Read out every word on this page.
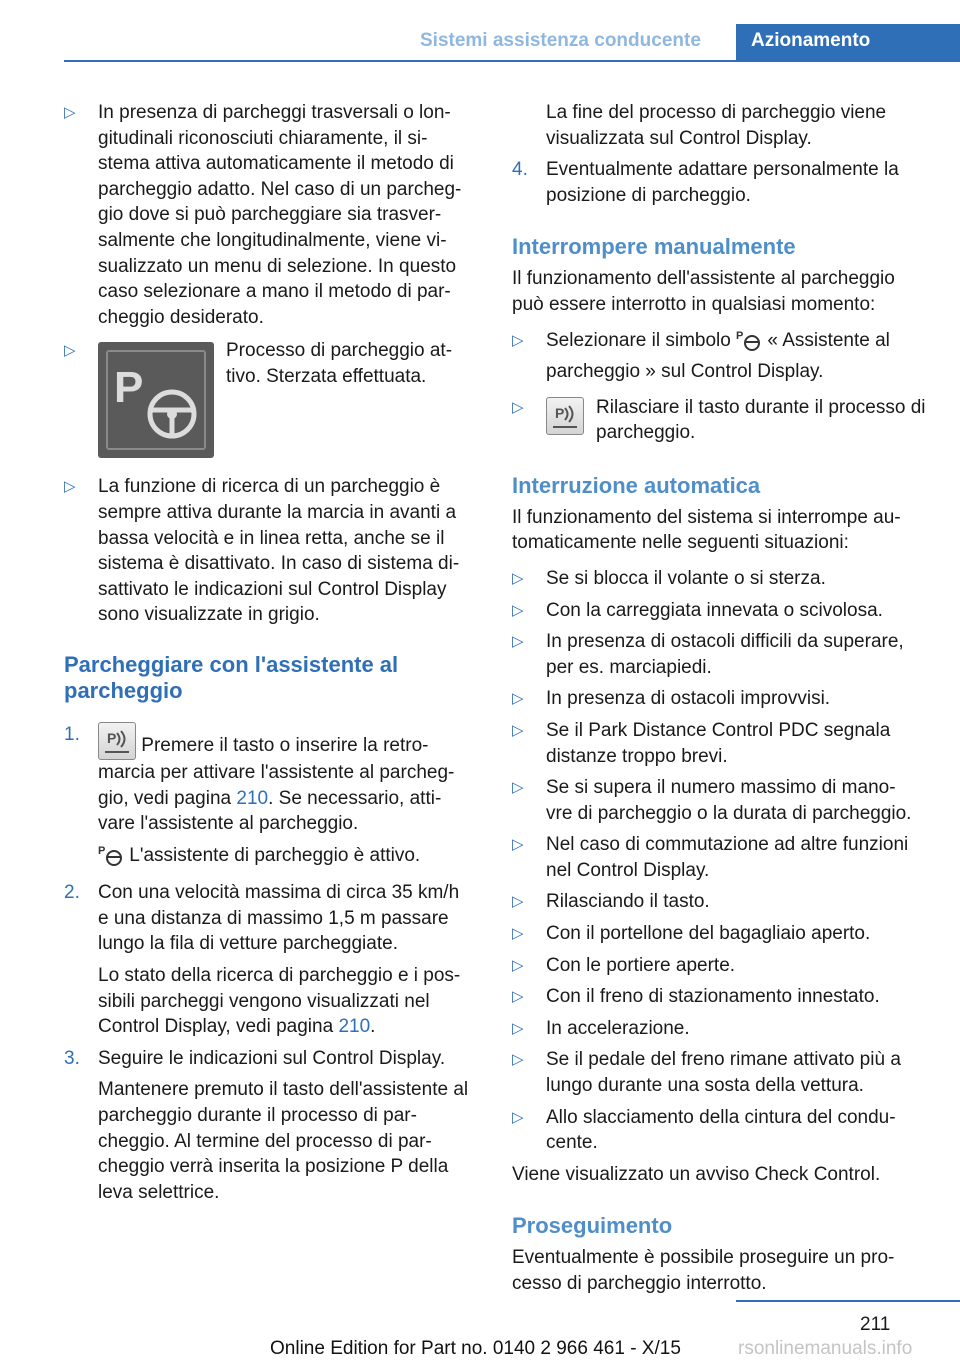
Sistemi assistenza conducente	Azionamento
▷ In presenza di parcheggi trasversali o lon‐ gitudinali riconosciuti chiaramente, il si‐ stema attiva automaticamente il metodo di parcheggio adatto. Nel caso di un parcheg‐ gio dove si può parcheggiare sia trasver‐ salmente che longitudinalmente, viene vi‐ sualizzato un menu di selezione. In questo caso selezionare a mano il metodo di par‐ cheggio desiderato.
▷
P
Processo di parcheggio at‐ tivo. Sterzata effettuata.
▷ La funzione di ricerca di un parcheggio è sempre attiva durante la marcia in avanti a bassa velocità e in linea retta, anche se il sistema è disattivato. In caso di sistema di‐ sattivato le indicazioni sul Control Display sono visualizzate in grigio.
Parcheggiare con l'assistente al parcheggio
1. P Premere il tasto o inserire la retro‐ marcia per attivare l'assistente al parcheg‐ gio, vedi pagina 210. Se necessario, atti‐ vare l'assistente al parcheggio.
P L'assistente di parcheggio è attivo.
2. Con una velocità massima di circa 35 km/h e una distanza di massimo 1,5 m passare lungo la fila di vetture parcheggiate.
Lo stato della ricerca di parcheggio e i pos‐ sibili parcheggi vengono visualizzati nel Control Display, vedi pagina 210.
3. Seguire le indicazioni sul Control Display.
Mantenere premuto il tasto dell'assistente al parcheggio durante il processo di par‐ cheggio. Al termine del processo di par‐ cheggio verrà inserita la posizione P della leva selettrice.
La fine del processo di parcheggio viene visualizzata sul Control Display.
4. Eventualmente adattare personalmente la posizione di parcheggio.
Interrompere manualmente
Il funzionamento dell'assistente al parcheggio può essere interrotto in qualsiasi momento:
▷ Selezionare il simbolo P « Assistente al parcheggio » sul Control Display.
▷ P	Rilasciare il tasto durante il processo di parcheggio.
Interruzione automatica
Il funzionamento del sistema si interrompe au‐ tomaticamente nelle seguenti situazioni:
▷ Se si blocca il volante o si sterza.
▷ Con la carreggiata innevata o scivolosa.
▷ In presenza di ostacoli difficili da superare, per es. marciapiedi.
▷ In presenza di ostacoli improvvisi.
▷ Se il Park Distance Control PDC segnala distanze troppo brevi.
▷ Se si supera il numero massimo di mano‐ vre di parcheggio o la durata di parcheggio.
▷ Nel caso di commutazione ad altre funzioni nel Control Display.
▷ Rilasciando il tasto.
▷ Con il portellone del bagagliaio aperto.
▷ Con le portiere aperte.
▷ Con il freno di stazionamento innestato.
▷ In accelerazione.
▷ Se il pedale del freno rimane attivato più a lungo durante una sosta della vettura.
▷ Allo slacciamento della cintura del condu‐ cente.
Viene visualizzato un avviso Check Control.
Proseguimento
Eventualmente è possibile proseguire un pro‐ cesso di parcheggio interrotto.
211
Online Edition for Part no. 0140 2 966 461 - X/15	rsonlinemanuals.info
